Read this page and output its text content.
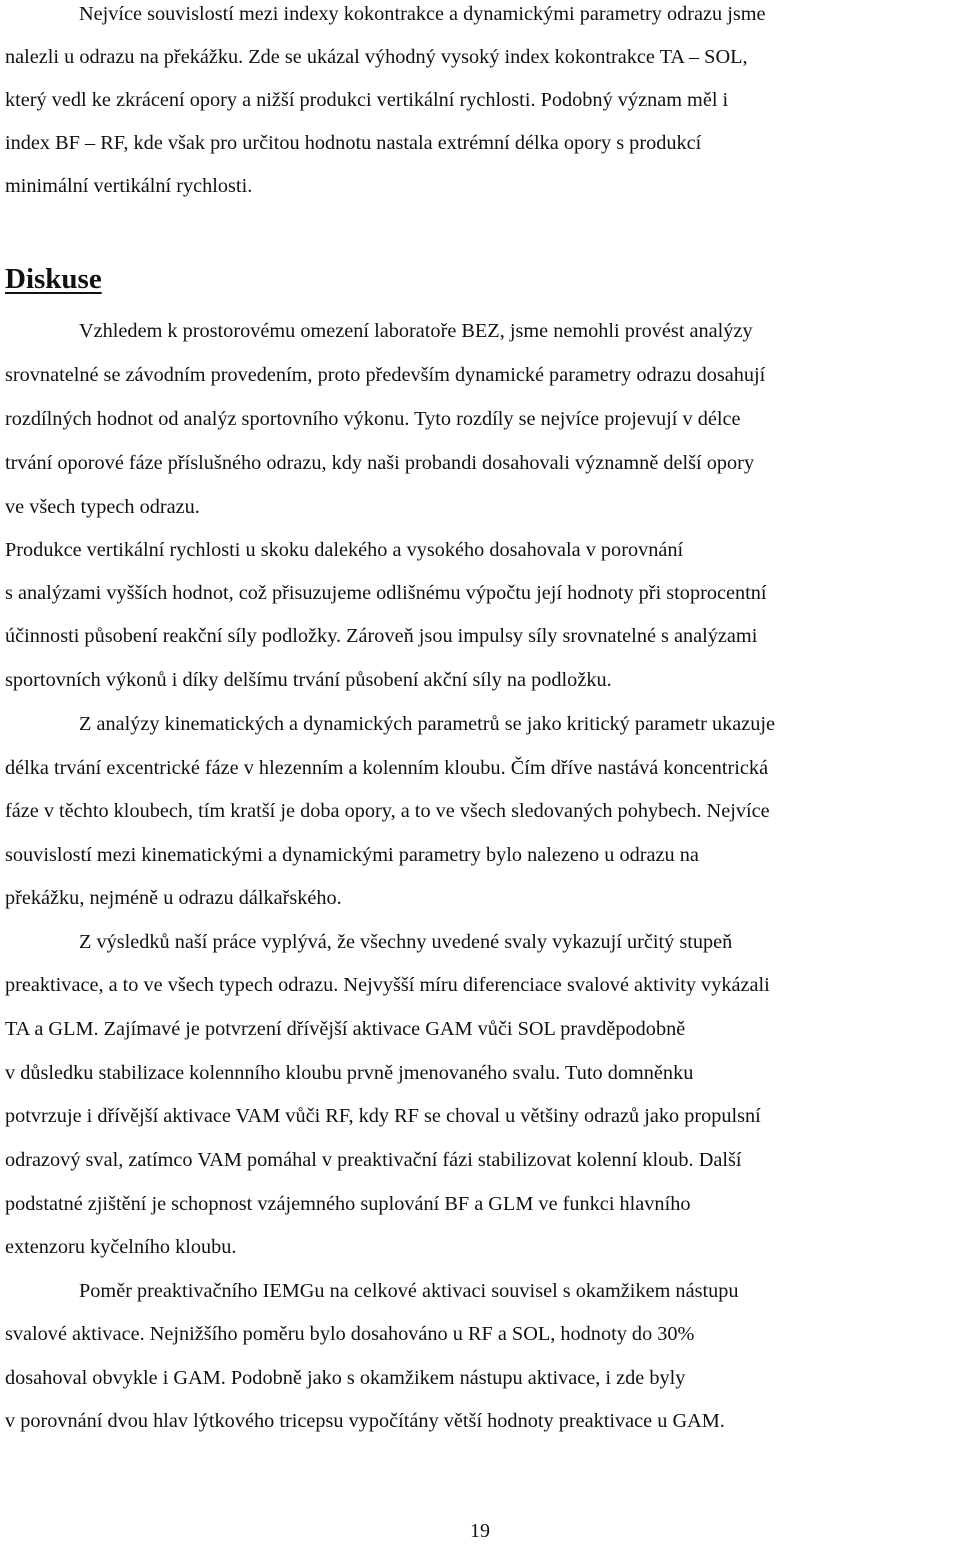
Nejvíce souvislostí mezi indexy kokontrakce a dynamickými parametry odrazu jsme
nalezli u odrazu na překážku. Zde se ukázal výhodný vysoký index kokontrakce TA – SOL,
který vedl ke zkrácení opory a nižší produkci vertikální rychlosti. Podobný význam měl i
index BF – RF, kde však pro určitou hodnotu nastala extrémní délka opory s produkcí
minimální vertikální rychlosti.
Diskuse
Vzhledem k prostorovému omezení laboratoře BEZ, jsme nemohli provést analýzy
srovnatelné se závodním provedením, proto především dynamické parametry odrazu dosahují
rozdílných hodnot od analýz sportovního výkonu. Tyto rozdíly se nejvíce projevují v délce
trvání oporové fáze příslušného odrazu, kdy naši probandi dosahovali významně delší opory
ve všech typech odrazu.
Produkce vertikální rychlosti u skoku dalekého a vysokého dosahovala v porovnání
s analýzami vyšších hodnot, což přisuzujeme odlišnému výpočtu její hodnoty při stoprocentní
účinnosti působení reakční síly podložky. Zároveň jsou impulsy síly srovnatelné s analýzami
sportovních výkonů i díky delšímu trvání působení akční síly na podložku.
Z analýzy kinematických a dynamických parametrů se jako kritický parametr ukazuje
délka trvání excentrické fáze v hlezenním a kolenním kloubu. Čím dříve nastává koncentrická
fáze v těchto kloubech, tím kratší je doba opory, a to ve všech sledovaných pohybech. Nejvíce
souvislostí mezi kinematickými a dynamickými parametry bylo nalezeno u odrazu na
překážku, nejméně u odrazu dálkařského.
Z výsledků naší práce vyplývá, že všechny uvedené svaly vykazují určitý stupeň
preaktivace, a to ve všech typech odrazu. Nejvyšší míru diferenciace svalové aktivity vykázali
TA a GLM. Zajímavé je potvrzení dřívější aktivace GAM vůči SOL pravděpodobně
v důsledku stabilizace kolennního kloubu prvně jmenovaného svalu. Tuto domněnku
potvrzuje i dřívější aktivace VAM vůči RF, kdy RF se choval u většiny odrazů jako propulsní
odrazový sval, zatímco VAM pomáhal v preaktivační fázi stabilizovat kolenní kloub. Další
podstatné zjištění je schopnost vzájemného suplování BF a GLM ve funkci hlavního
extenzoru kyčelního kloubu.
Poměr preaktivačního IEMGu na celkové aktivaci souvisel s okamžikem nástupu
svalové aktivace. Nejnižšího poměru bylo dosahováno u RF a SOL, hodnoty do 30%
dosahoval obvykle i GAM. Podobně jako s okamžikem nástupu aktivace, i zde byly
v porovnání dvou hlav lýtkového tricepsu vypočítány větší hodnoty preaktivace u GAM.
19
